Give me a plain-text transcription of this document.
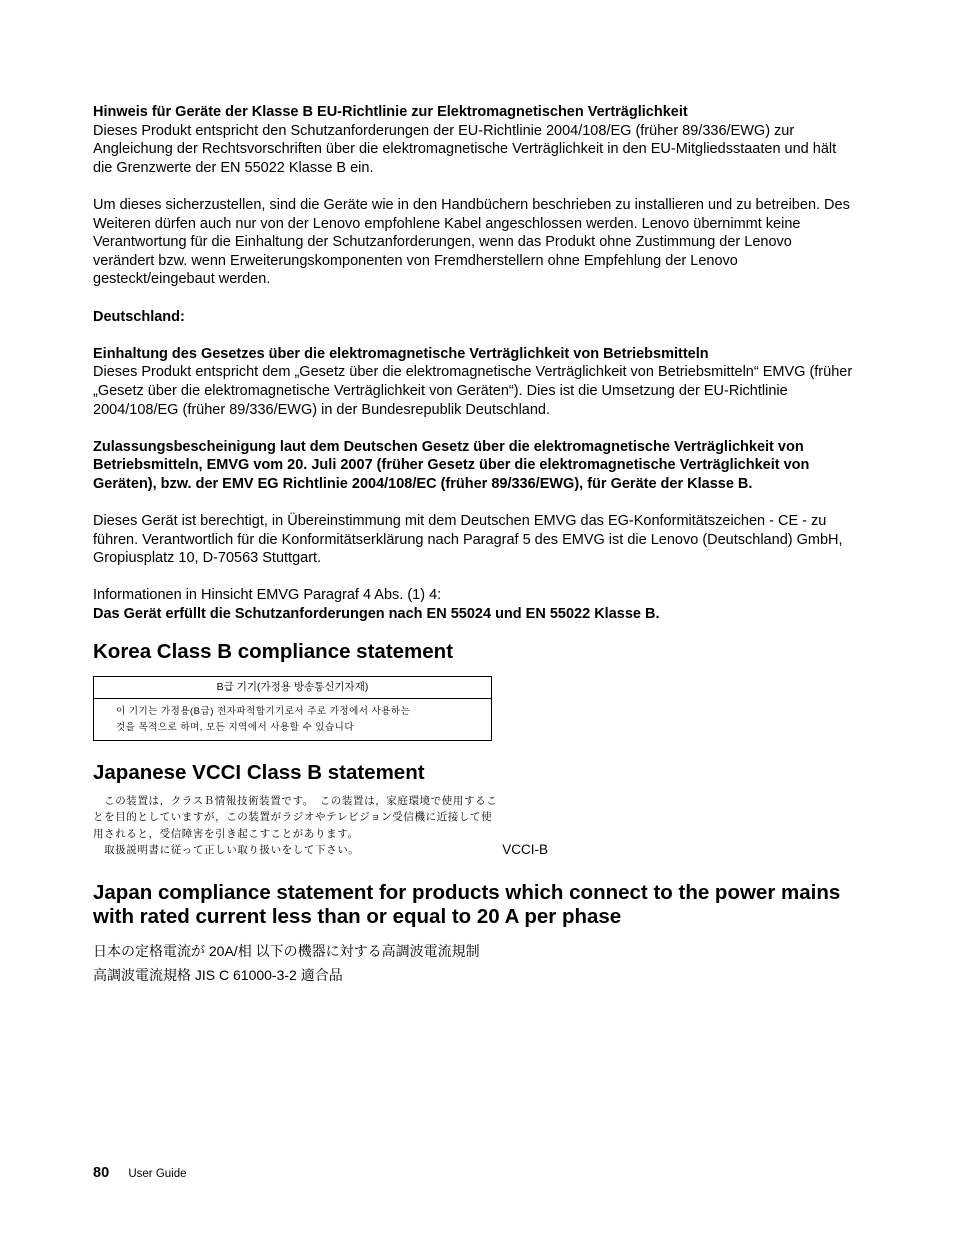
Hinweis für Geräte der Klasse B EU-Richtlinie zur Elektromagnetischen Verträglichkeit

Dieses Produkt entspricht den Schutzanforderungen der EU-Richtlinie 2004/108/EG (früher 89/336/EWG) zur Angleichung der Rechtsvorschriften über die elektromagnetische Verträglichkeit in den EU-Mitgliedsstaaten und hält die Grenzwerte der EN 55022 Klasse B ein.

Um dieses sicherzustellen, sind die Geräte wie in den Handbüchern beschrieben zu installieren und zu betreiben. Des Weiteren dürfen auch nur von der Lenovo empfohlene Kabel angeschlossen werden. Lenovo übernimmt keine Verantwortung für die Einhaltung der Schutzanforderungen, wenn das Produkt ohne Zustimmung der Lenovo verändert bzw. wenn Erweiterungskomponenten von Fremdherstellern ohne Empfehlung der Lenovo gesteckt/eingebaut werden.

Deutschland:

Einhaltung des Gesetzes über die elektromagnetische Verträglichkeit von Betriebsmitteln

Dieses Produkt entspricht dem „Gesetz über die elektromagnetische Verträglichkeit von Betriebsmitteln“ EMVG (früher „Gesetz über die elektromagnetische Verträglichkeit von Geräten“). Dies ist die Umsetzung der EU-Richtlinie 2004/108/EG (früher 89/336/EWG) in der Bundesrepublik Deutschland.

Zulassungsbescheinigung laut dem Deutschen Gesetz über die elektromagnetische Verträglichkeit von Betriebsmitteln, EMVG vom 20. Juli 2007 (früher Gesetz über die elektromagnetische Verträglichkeit von Geräten), bzw. der EMV EG Richtlinie 2004/108/EC (früher 89/336/EWG), für Geräte der Klasse B.

Dieses Gerät ist berechtigt, in Übereinstimmung mit dem Deutschen EMVG das EG-Konformitätszeichen - CE - zu führen. Verantwortlich für die Konformitätserklärung nach Paragraf 5 des EMVG ist die Lenovo (Deutschland) GmbH, Gropiusplatz 10, D-70563 Stuttgart.

Informationen in Hinsicht EMVG Paragraf 4 Abs. (1) 4:

Das Gerät erfüllt die Schutzanforderungen nach EN 55024 und EN 55022 Klasse B.

Korea Class B compliance statement
B급 기기(가정용 방송통신기자재)
이 기기는 가정용(B급) 전자파적합기기로서 주로 가정에서 사용하는
것을 목적으로 하며, 모든 지역에서 사용할 수 있습니다
Japanese VCCI Class B statement
　この装置は，クラスＢ情報技術装置です。　この装置は，家庭環境で使用するこ
とを目的としていますが，この装置がラジオやテレビジョン受信機に近接して使
用されると，受信障害を引き起こすことがあります。
　取扱説明書に従って正しい取り扱いをして下さい。	VCCI-B
Japan compliance statement for products which connect to the power mains with rated current less than or equal to 20 A per phase
日本の定格電流が 20A/相 以下の機器に対する高調波電流規制
高調波電流規格 JIS C 61000-3-2 適合品
80 User Guide
